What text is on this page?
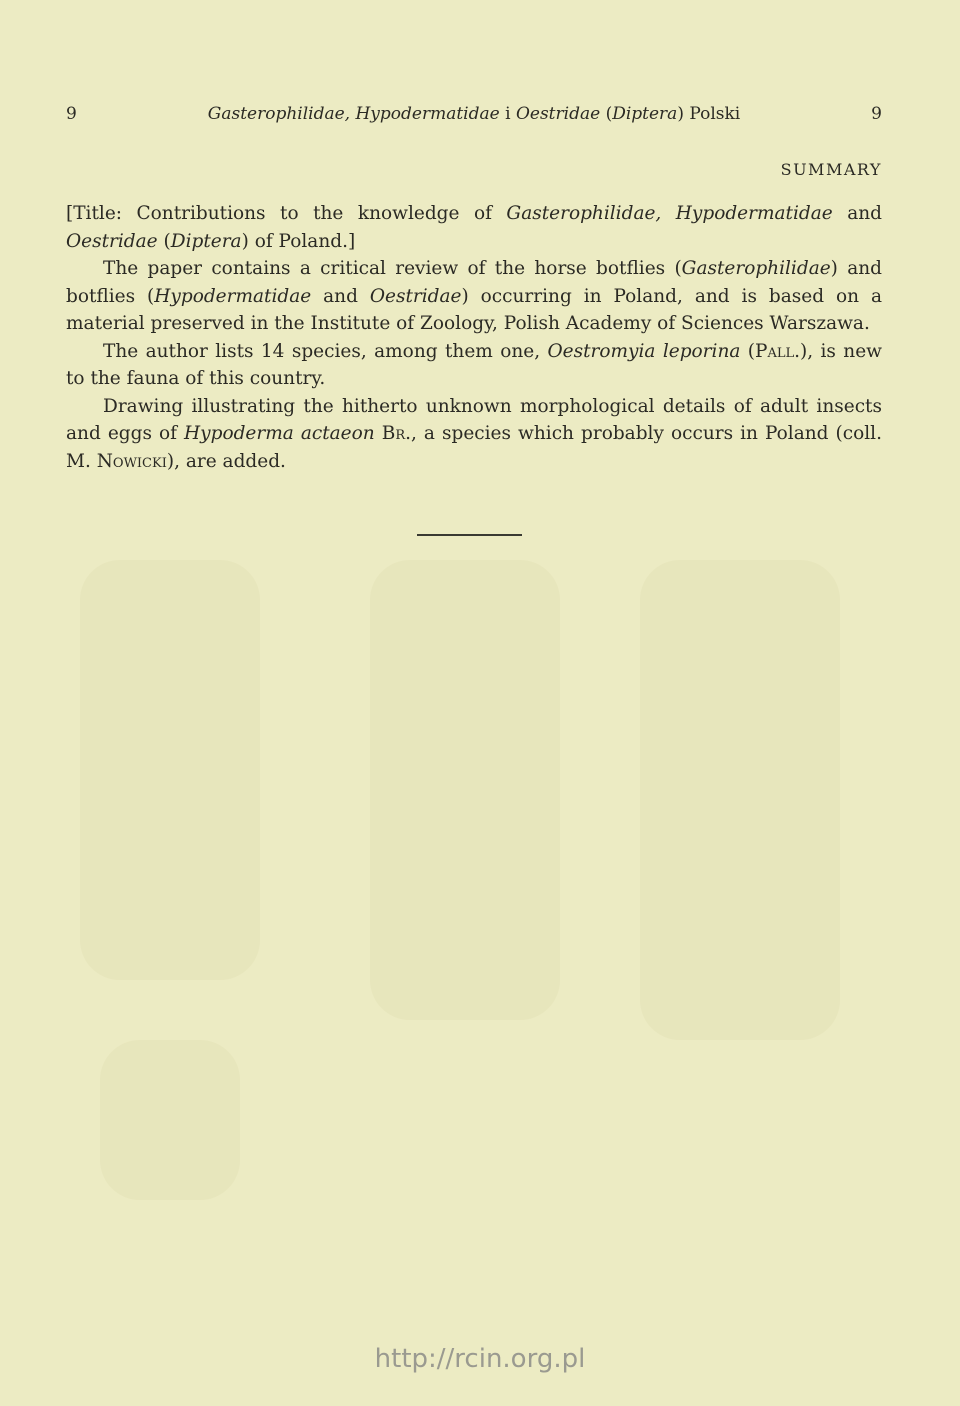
9	Gasterophilidae, Hypodermatidae i Oestridae (Diptera) Polski	9
SUMMARY

[Title: Contributions to the knowledge of Gasterophilidae, Hypodermatidae and Oestridae (Diptera) of Poland.]

The paper contains a critical review of the horse botflies (Gasterophilidae) and botflies (Hypodermatidae and Oestridae) occurring in Poland, and is based on a material preserved in the Institute of Zoology, Polish Academy of Sciences Warszawa.

The author lists 14 species, among them one, Oestromyia leporina (Pall.), is new to the fauna of this country.

Drawing illustrating the hitherto unknown morphological details of adult insects and eggs of Hypoderma actaeon Br., a species which probably occurs in Poland (coll. M. Nowicki), are added.

http://rcin.org.pl
